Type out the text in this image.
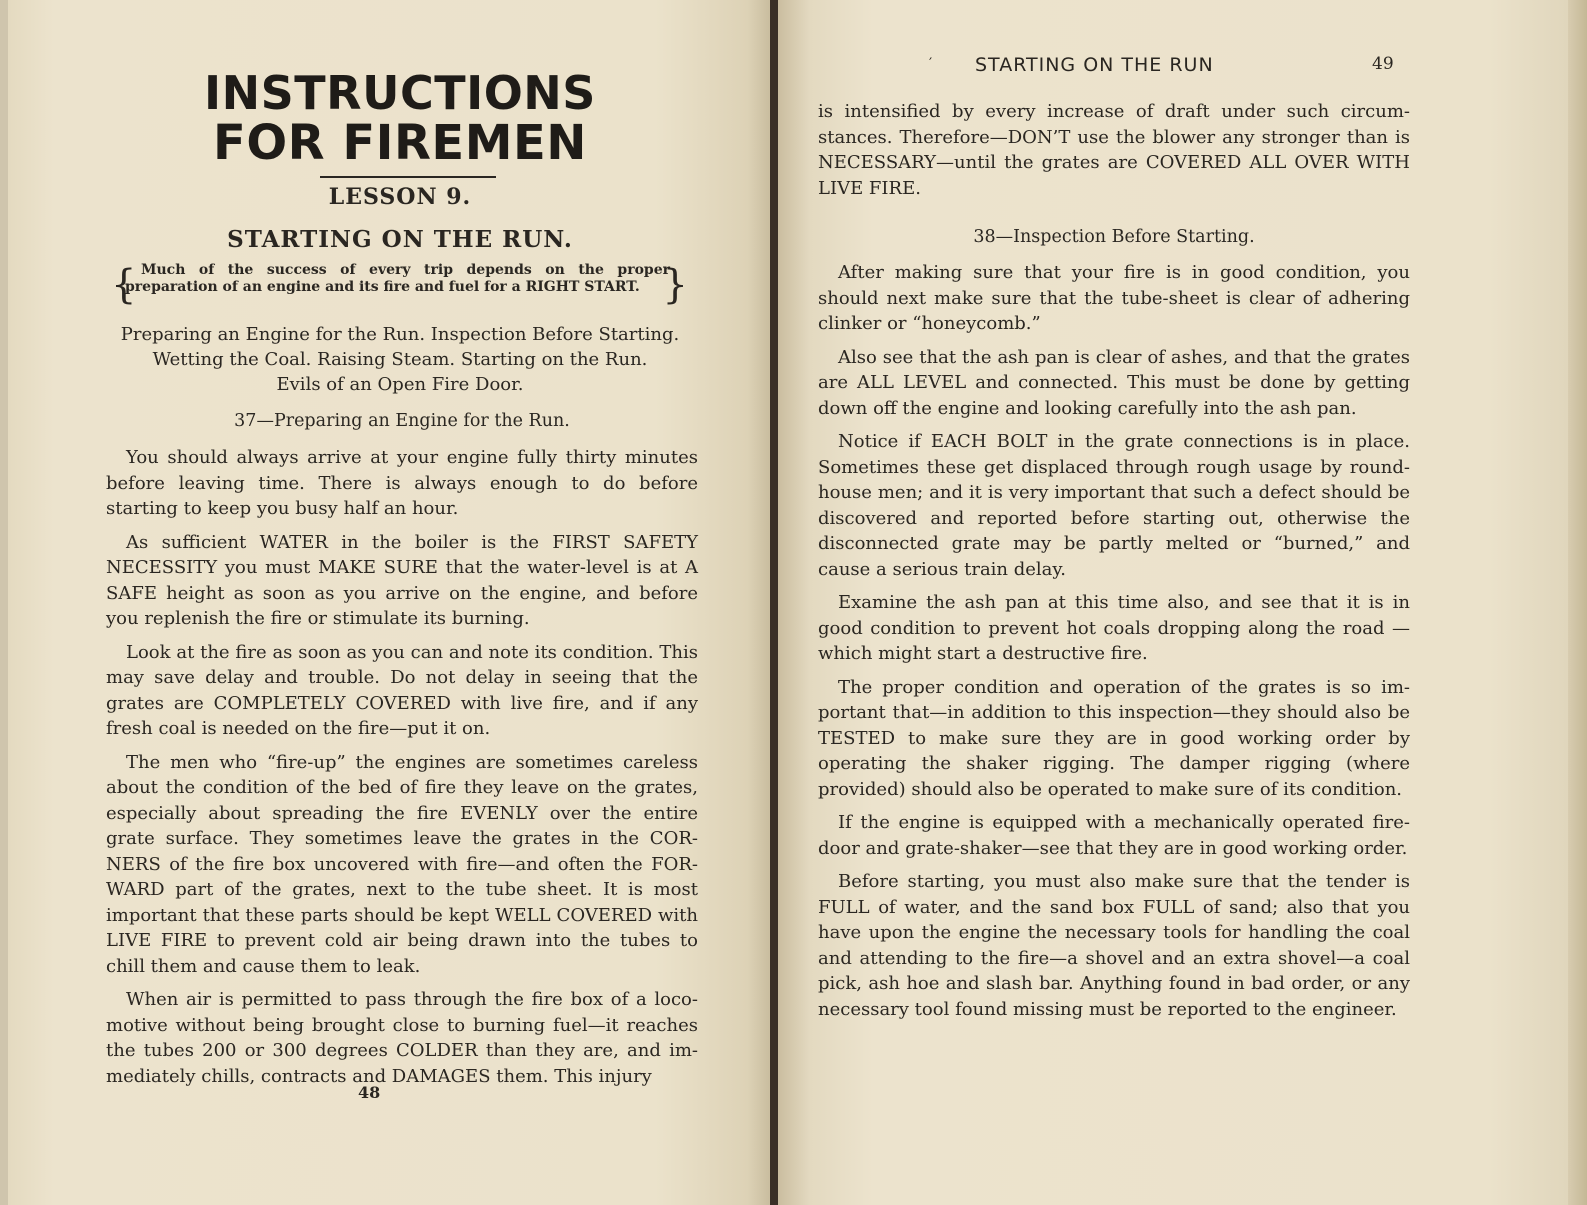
INSTRUCTIONS
FOR FIREMEN
LESSON 9.
STARTING ON THE RUN.
{ Much of the success of every trip depends on the proper preparation of an engine and its fire and fuel for a RIGHT START. }
Preparing an Engine for the Run. Inspection Before Starting.
Wetting the Coal. Raising Steam. Starting on the Run.
Evils of an Open Fire Door.
37—Preparing an Engine for the Run.

You should always arrive at your engine fully thirty minutes before leaving time. There is always enough to do before starting to keep you busy half an hour.

As sufficient WATER in the boiler is the FIRST SAFETY NECESSITY you must MAKE SURE that the water-level is at A SAFE height as soon as you arrive on the engine, and before you replenish the fire or stimulate its burning.

Look at the fire as soon as you can and note its condition. This may save delay and trouble. Do not delay in seeing that the grates are COMPLETELY COVERED with live fire, and if any fresh coal is needed on the fire—put it on.

The men who “fire-up” the engines are sometimes careless about the condition of the bed of fire they leave on the grates, especially about spreading the fire EVENLY over the entire grate surface. They sometimes leave the grates in the CORNERS of the fire box uncovered with fire—and often the FORWARD part of the grates, next to the tube sheet. It is most important that these parts should be kept WELL COVERED with LIVE FIRE to prevent cold air being drawn into the tubes to chill them and cause them to leak.

When air is permitted to pass through the fire box of a locomotive without being brought close to burning fuel—it reaches the tubes 200 or 300 degrees COLDER than they are, and immediately chills, contracts and DAMAGES them. This injury

48
′ STARTING ON THE RUN	49

is intensified by every increase of draft under such circumstances. Therefore—DON’T use the blower any stronger than is NECESSARY—until the grates are COVERED ALL OVER WITH LIVE FIRE.

38—Inspection Before Starting.

After making sure that your fire is in good condition, you should next make sure that the tube-sheet is clear of adhering clinker or “honeycomb.”

Also see that the ash pan is clear of ashes, and that the grates are ALL LEVEL and connected. This must be done by getting down off the engine and looking carefully into the ash pan.

Notice if EACH BOLT in the grate connections is in place. Sometimes these get displaced through rough usage by roundhouse men; and it is very important that such a defect should be discovered and reported before starting out, otherwise the disconnected grate may be partly melted or “burned,” and cause a serious train delay.

Examine the ash pan at this time also, and see that it is in good condition to prevent hot coals dropping along the road —which might start a destructive fire.

The proper condition and operation of the grates is so important that—in addition to this inspection—they should also be TESTED to make sure they are in good working order by operating the shaker rigging. The damper rigging (where provided) should also be operated to make sure of its condition.

If the engine is equipped with a mechanically operated firedoor and grate-shaker—see that they are in good working order.

Before starting, you must also make sure that the tender is FULL of water, and the sand box FULL of sand; also that you have upon the engine the necessary tools for handling the coal and attending to the fire—a shovel and an extra shovel—a coal pick, ash hoe and slash bar. Anything found in bad order, or any necessary tool found missing must be reported to the engineer.
